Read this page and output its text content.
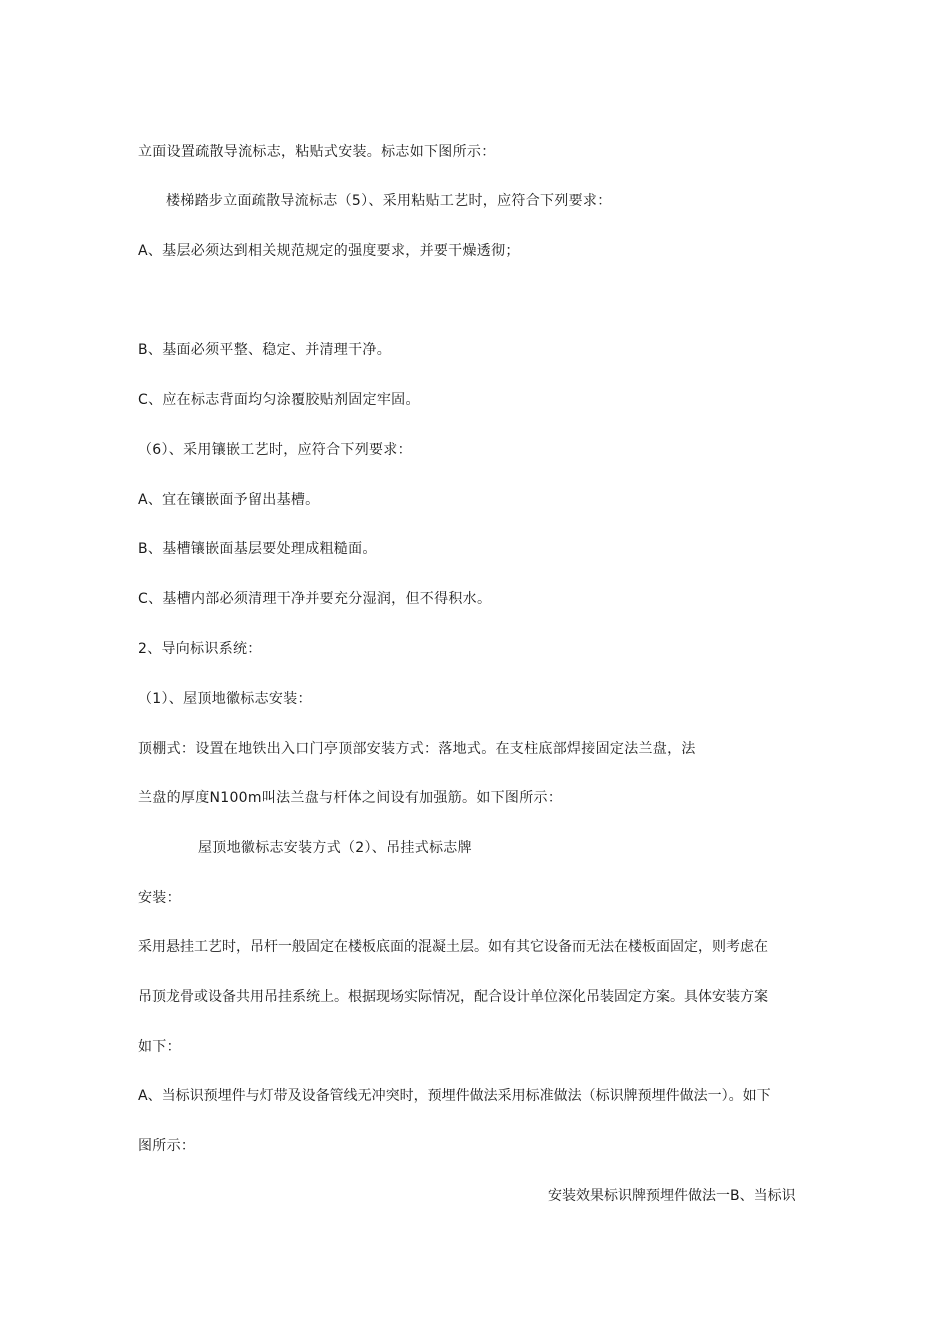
立面设置疏散导流标志，粘贴式安装。标志如下图所示：
楼梯踏步立面疏散导流标志（5）、采用粘贴工艺时，应符合下列要求：
A、基层必须达到相关规范规定的强度要求，并要干燥透彻；
B、基面必须平整、稳定、并清理干净。
C、应在标志背面均匀涂覆胶贴剂固定牢固。
（6）、采用镶嵌工艺时，应符合下列要求：
A、宜在镶嵌面予留出基槽。
B、基槽镶嵌面基层要处理成粗糙面。
C、基槽内部必须清理干净并要充分湿润，但不得积水。
2、导向标识系统：
（1）、屋顶地徽标志安装：
顶棚式：设置在地铁出入口门亭顶部安装方式：落地式。在支柱底部焊接固定法兰盘，法
兰盘的厚度N100m叫法兰盘与杆体之间设有加强筋。如下图所示：
屋顶地徽标志安装方式（2）、吊挂式标志牌
安装：
采用悬挂工艺时，吊杆一般固定在楼板底面的混凝土层。如有其它设备而无法在楼板面固定，则考虑在
吊顶龙骨或设备共用吊挂系统上。根据现场实际情况，配合设计单位深化吊装固定方案。具体安装方案
如下：
A、当标识预埋件与灯带及设备管线无冲突时，预埋件做法采用标准做法（标识牌预埋件做法一）。如下
图所示：
安装效果标识牌预埋件做法一B、当标识
